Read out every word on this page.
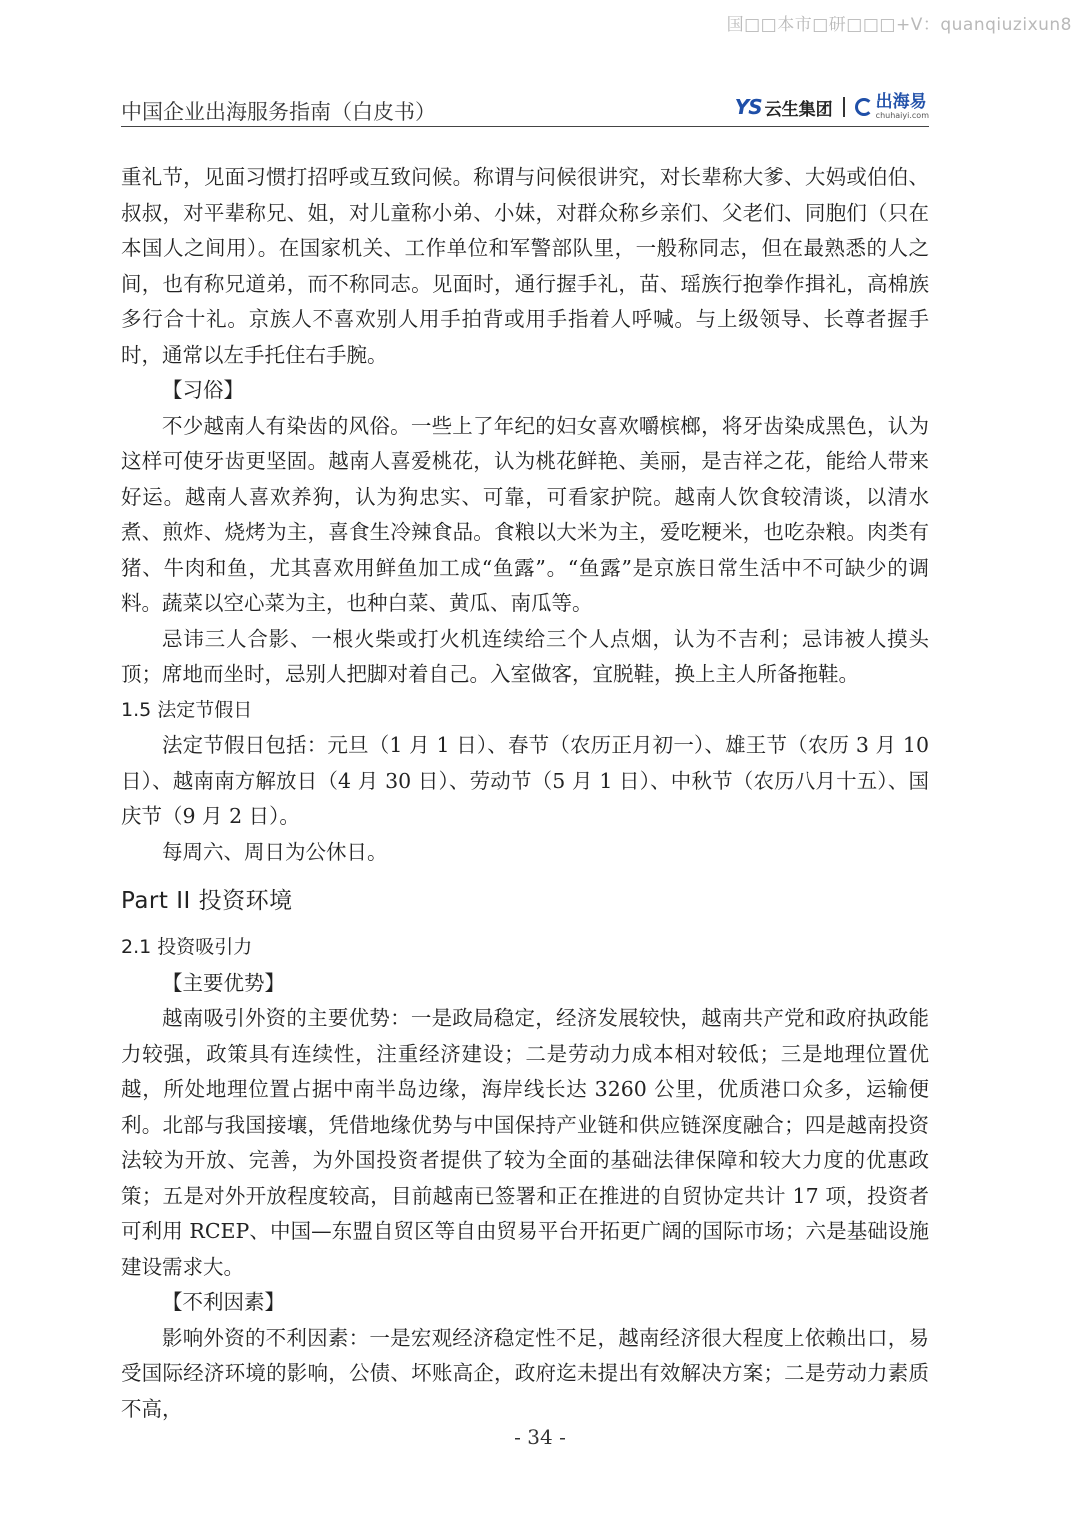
国□□本市□研□□□+V：quanqiuzixun8
中国企业出海服务指南（白皮书）	YS 云生集团	出海易
chuhaiyi.com

重礼节，见面习惯打招呼或互致问候。称谓与问候很讲究，对长辈称大爹、大妈或伯伯、叔叔，对平辈称兄、姐，对儿童称小弟、小妹，对群众称乡亲们、父老们、同胞们（只在本国人之间用）。在国家机关、工作单位和军警部队里，一般称同志，但在最熟悉的人之间，也有称兄道弟，而不称同志。见面时，通行握手礼，苗、瑶族行抱拳作揖礼，高棉族多行合十礼。京族人不喜欢别人用手拍背或用手指着人呼喊。与上级领导、长尊者握手时，通常以左手托住右手腕。

【习俗】

不少越南人有染齿的风俗。一些上了年纪的妇女喜欢嚼槟榔，将牙齿染成黑色，认为这样可使牙齿更坚固。越南人喜爱桃花，认为桃花鲜艳、美丽，是吉祥之花，能给人带来好运。越南人喜欢养狗，认为狗忠实、可靠，可看家护院。越南人饮食较清谈，以清水煮、煎炸、烧烤为主，喜食生冷辣食品。食粮以大米为主，爱吃粳米，也吃杂粮。肉类有猪、牛肉和鱼，尤其喜欢用鲜鱼加工成“鱼露”。“鱼露”是京族日常生活中不可缺少的调料。蔬菜以空心菜为主，也种白菜、黄瓜、南瓜等。

忌讳三人合影、一根火柴或打火机连续给三个人点烟，认为不吉利；忌讳被人摸头顶；席地而坐时，忌别人把脚对着自己。入室做客，宜脱鞋，换上主人所备拖鞋。

1.5 法定节假日

法定节假日包括：元旦（1 月 1 日）、春节（农历正月初一）、雄王节（农历 3 月 10 日）、越南南方解放日（4 月 30 日）、劳动节（5 月 1 日）、中秋节（农历八月十五）、国庆节（9 月 2 日）。

每周六、周日为公休日。

Part II 投资环境
2.1 投资吸引力

【主要优势】

越南吸引外资的主要优势：一是政局稳定，经济发展较快，越南共产党和政府执政能力较强，政策具有连续性，注重经济建设；二是劳动力成本相对较低；三是地理位置优越，所处地理位置占据中南半岛边缘，海岸线长达 3260 公里，优质港口众多，运输便利。北部与我国接壤，凭借地缘优势与中国保持产业链和供应链深度融合；四是越南投资法较为开放、完善，为外国投资者提供了较为全面的基础法律保障和较大力度的优惠政策；五是对外开放程度较高，目前越南已签署和正在推进的自贸协定共计 17 项，投资者可利用 RCEP、中国—东盟自贸区等自由贸易平台开拓更广阔的国际市场；六是基础设施建设需求大。

【不利因素】

影响外资的不利因素：一是宏观经济稳定性不足，越南经济很大程度上依赖出口，易受国际经济环境的影响，公债、坏账高企，政府迄未提出有效解决方案；二是劳动力素质不高，

- 34 -
